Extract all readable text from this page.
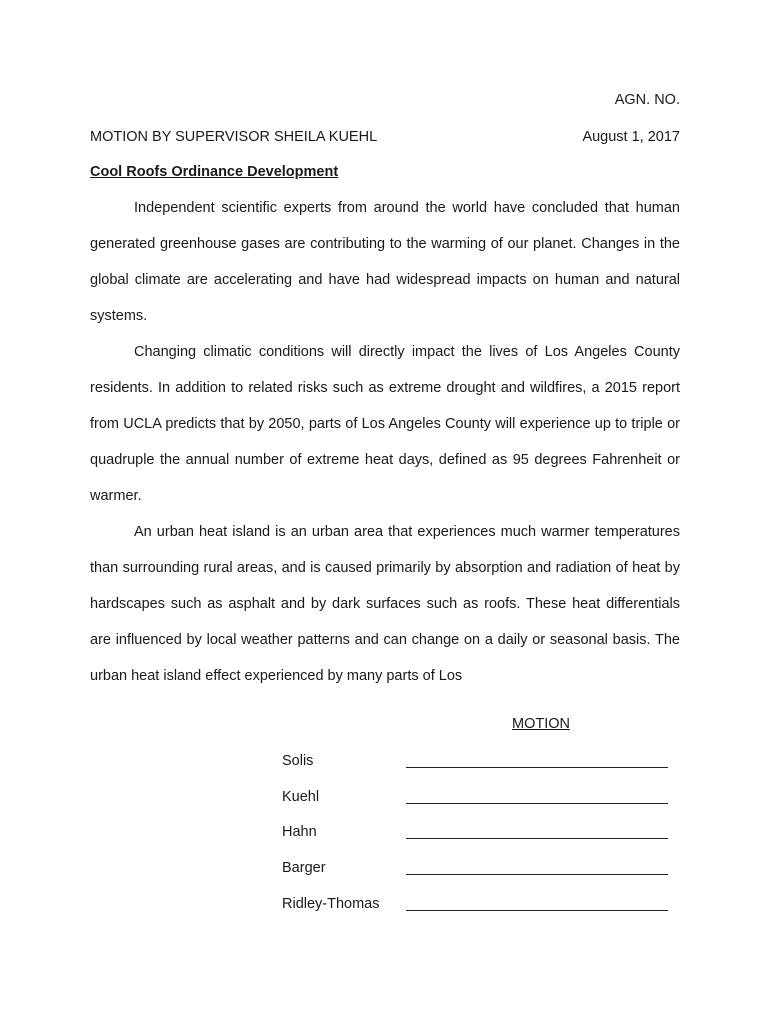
AGN. NO.
MOTION BY SUPERVISOR SHEILA KUEHL	August 1, 2017
Cool Roofs Ordinance Development

Independent scientific experts from around the world have concluded that human generated greenhouse gases are contributing to the warming of our planet. Changes in the global climate are accelerating and have had widespread impacts on human and natural systems.

Changing climatic conditions will directly impact the lives of Los Angeles County residents. In addition to related risks such as extreme drought and wildfires, a 2015 report from UCLA predicts that by 2050, parts of Los Angeles County will experience up to triple or quadruple the annual number of extreme heat days, defined as 95 degrees Fahrenheit or warmer.

An urban heat island is an urban area that experiences much warmer temperatures than surrounding rural areas, and is caused primarily by absorption and radiation of heat by hardscapes such as asphalt and by dark surfaces such as roofs. These heat differentials are influenced by local weather patterns and can change on a daily or seasonal basis. The urban heat island effect experienced by many parts of Los

MOTION
Solis
Kuehl
Hahn
Barger
Ridley-Thomas
